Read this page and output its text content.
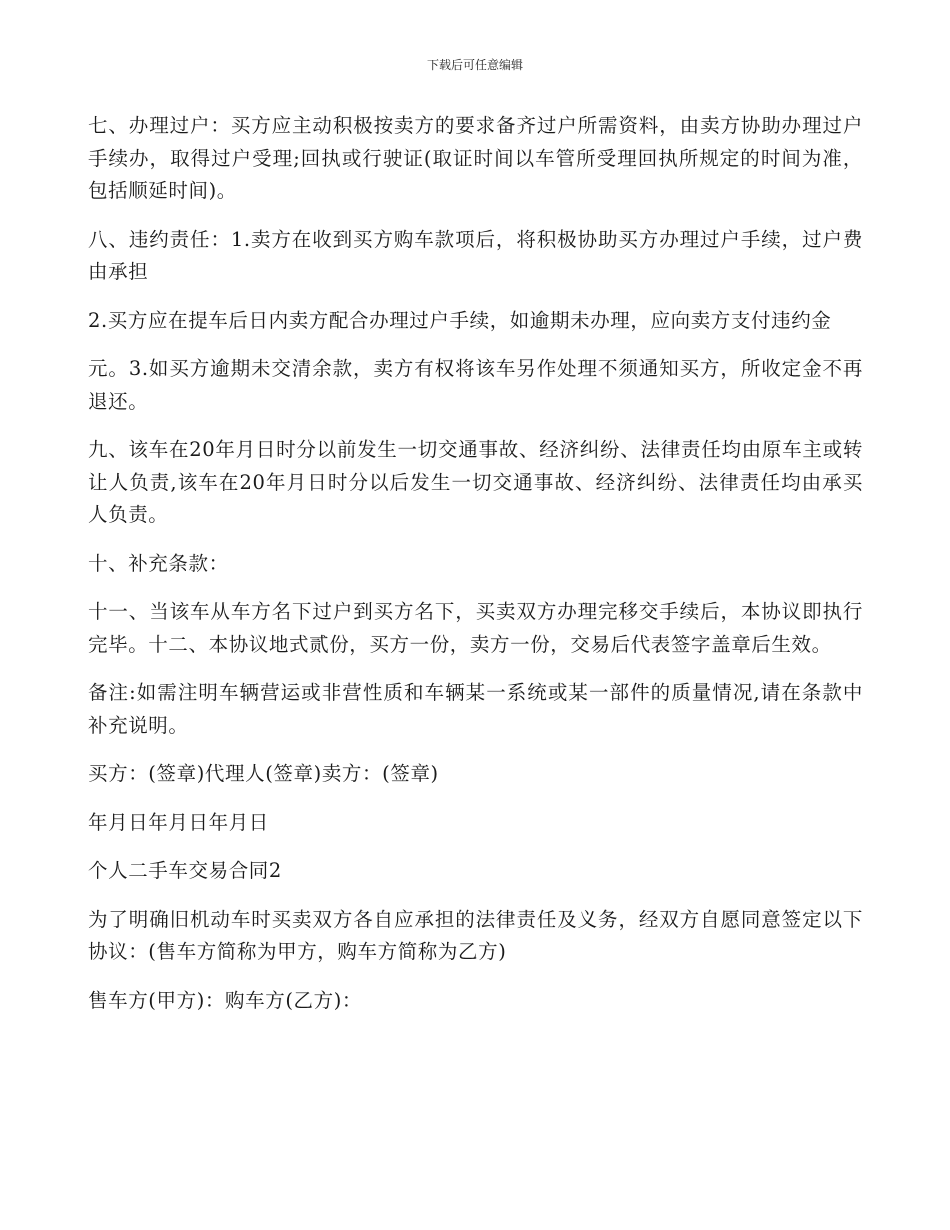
下载后可任意编辑

七、办理过户：买方应主动积极按卖方的要求备齐过户所需资料，由卖方协助办理过户手续办，取得过户受理;回执或行驶证(取证时间以车管所受理回执所规定的时间为准，包括顺延时间)。

八、违约责任：1.卖方在收到买方购车款项后，将积极协助买方办理过户手续，过户费由承担

2.买方应在提车后日内卖方配合办理过户手续，如逾期未办理，应向卖方支付违约金

元。3.如买方逾期未交清余款，卖方有权将该车另作处理不须通知买方，所收定金不再退还。

九、该车在20年月日时分以前发生一切交通事故、经济纠纷、法律责任均由原车主或转让人负责,该车在20年月日时分以后发生一切交通事故、经济纠纷、法律责任均由承买人负责。

十、补充条款：

十一、当该车从车方名下过户到买方名下，买卖双方办理完移交手续后，本协议即执行完毕。十二、本协议地式贰份，买方一份，卖方一份，交易后代表签字盖章后生效。

备注:如需注明车辆营运或非营性质和车辆某一系统或某一部件的质量情况,请在条款中补充说明。

买方：(签章)代理人(签章)卖方：(签章)

年月日年月日年月日

个人二手车交易合同2

为了明确旧机动车时买卖双方各自应承担的法律责任及义务，经双方自愿同意签定以下协议：(售车方简称为甲方，购车方简称为乙方)

售车方(甲方)：购车方(乙方)：
